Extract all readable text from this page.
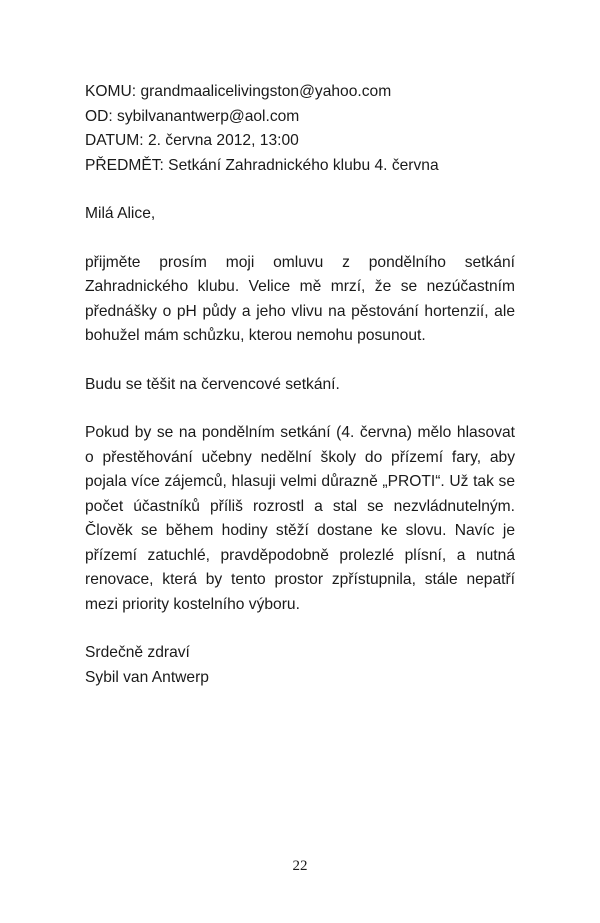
KOMU: grandmaalicelivingston@yahoo.com

OD: sybilvanantwerp@aol.com

DATUM: 2. června 2012, 13:00

PŘEDMĚT: Setkání Zahradnického klubu 4. června

Milá Alice,

přijměte prosím moji omluvu z pondělního setkání Zahradnického klubu. Velice mě mrzí, že se nezúčastním přednášky o pH půdy a jeho vlivu na pěstování hortenzií, ale bohužel mám schůzku, kterou nemohu posunout.

Budu se těšit na červencové setkání.

Pokud by se na pondělním setkání (4. června) mělo hlasovat o přestěhování učebny nedělní školy do přízemí fary, aby pojala více zájemců, hlasuji velmi důrazně „PROTI“. Už tak se počet účastníků příliš rozrostl a stal se nezvládnutelným. Člověk se během hodiny stěží dostane ke slovu. Navíc je přízemí zatuchlé, pravděpodobně prolezlé plísní, a nutná renovace, která by tento prostor zpřístupnila, stále nepatří mezi priority kostelního výboru.

Srdečně zdraví

Sybil van Antwerp

22
